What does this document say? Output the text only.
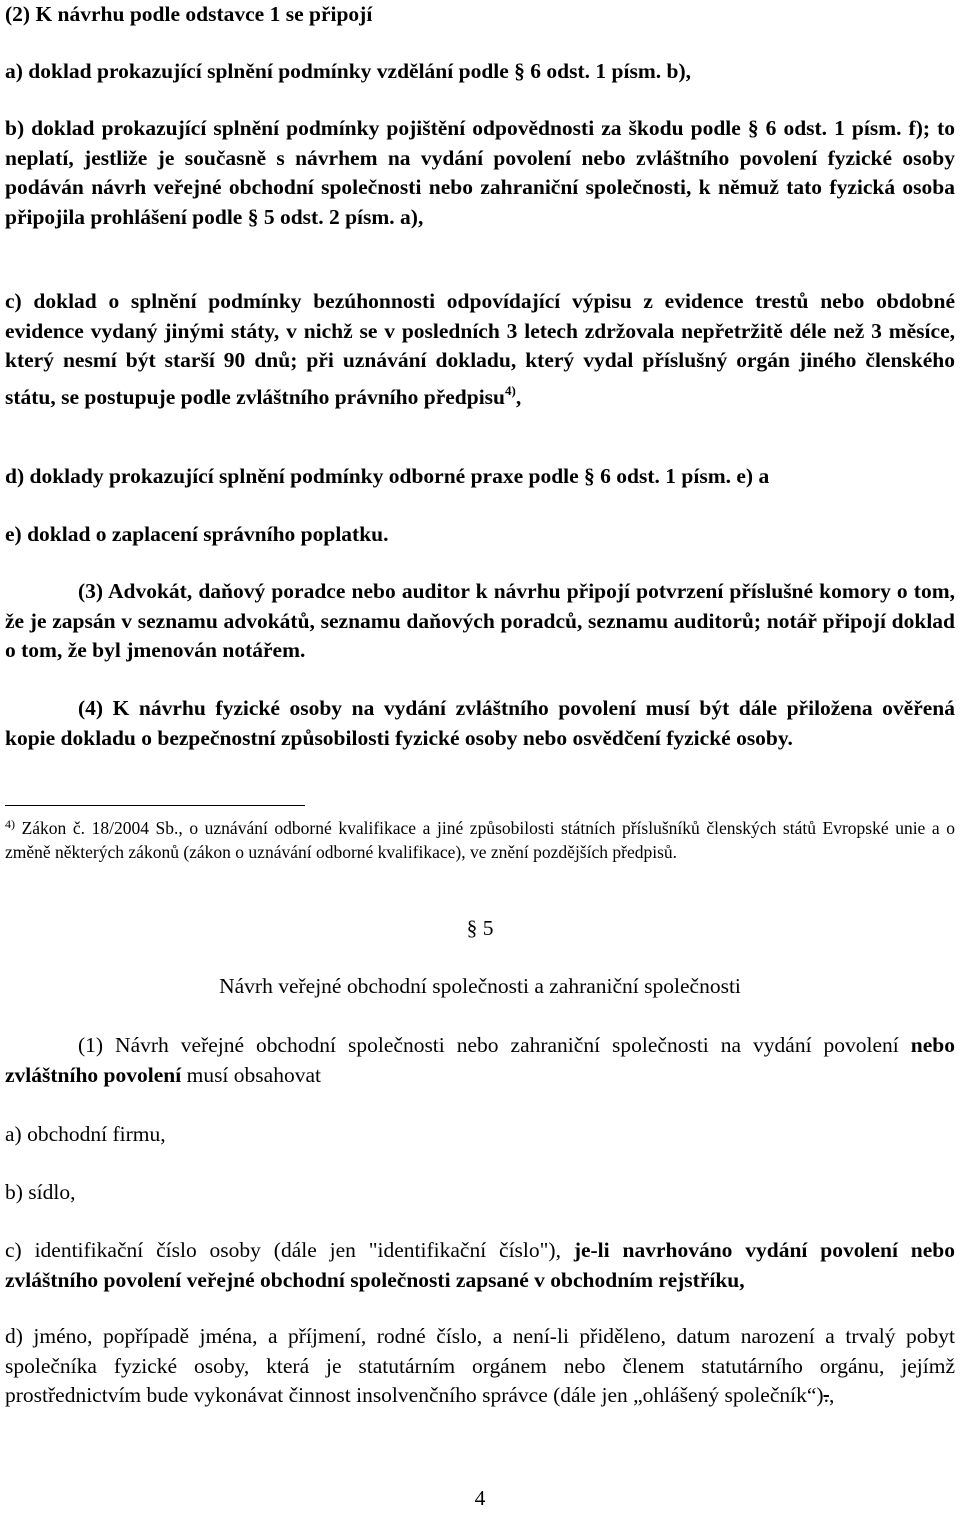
(2) K návrhu podle odstavce 1 se připojí

a) doklad prokazující splnění podmínky vzdělání podle § 6 odst. 1 písm. b),

b) doklad prokazující splnění podmínky pojištění odpovědnosti za škodu podle § 6 odst. 1 písm. f); to neplatí, jestliže je současně s návrhem na vydání povolení nebo zvláštního povolení fyzické osoby podáván návrh veřejné obchodní společnosti nebo zahraniční společnosti, k němuž tato fyzická osoba připojila prohlášení podle § 5 odst. 2 písm. a),

c) doklad o splnění podmínky bezúhonnosti odpovídající výpisu z evidence trestů nebo obdobné evidence vydaný jinými státy, v nichž se v posledních 3 letech zdržovala nepřetržitě déle než 3 měsíce, který nesmí být starší 90 dnů; při uznávání dokladu, který vydal příslušný orgán jiného členského státu, se postupuje podle zvláštního právního předpisu$^{4)}$,

d) doklady prokazující splnění podmínky odborné praxe podle § 6 odst. 1 písm. e) a

e) doklad o zaplacení správního poplatku.

(3) Advokát, daňový poradce nebo auditor k návrhu připojí potvrzení příslušné komory o tom, že je zapsán v seznamu advokátů, seznamu daňových poradců, seznamu auditorů; notář připojí doklad o tom, že byl jmenován notářem.

(4) K návrhu fyzické osoby na vydání zvláštního povolení musí být dále přiložena ověřená kopie dokladu o bezpečnostní způsobilosti fyzické osoby nebo osvědčení fyzické osoby.

$^{4)}$ Zákon č. 18/2004 Sb., o uznávání odborné kvalifikace a jiné způsobilosti státních příslušníků členských států Evropské unie a o změně některých zákonů (zákon o uznávání odborné kvalifikace), ve znění pozdějších předpisů.

§ 5

Návrh veřejné obchodní společnosti a zahraniční společnosti

(1) Návrh veřejné obchodní společnosti nebo zahraniční společnosti na vydání povolení nebo zvláštního povolení musí obsahovat

a) obchodní firmu,

b) sídlo,

c) identifikační číslo osoby (dále jen "identifikační číslo"), je-li navrhováno vydání povolení nebo zvláštního povolení veřejné obchodní společnosti zapsané v obchodním rejstříku,

d) jméno, popřípadě jména, a příjmení, rodné číslo, a není-li přiděleno, datum narození a trvalý pobyt společníka fyzické osoby, která je statutárním orgánem nebo členem statutárního orgánu, jejímž prostřednictvím bude vykonávat činnost insolvenčního správce (dále jen „ohlášený společník“).,

4
